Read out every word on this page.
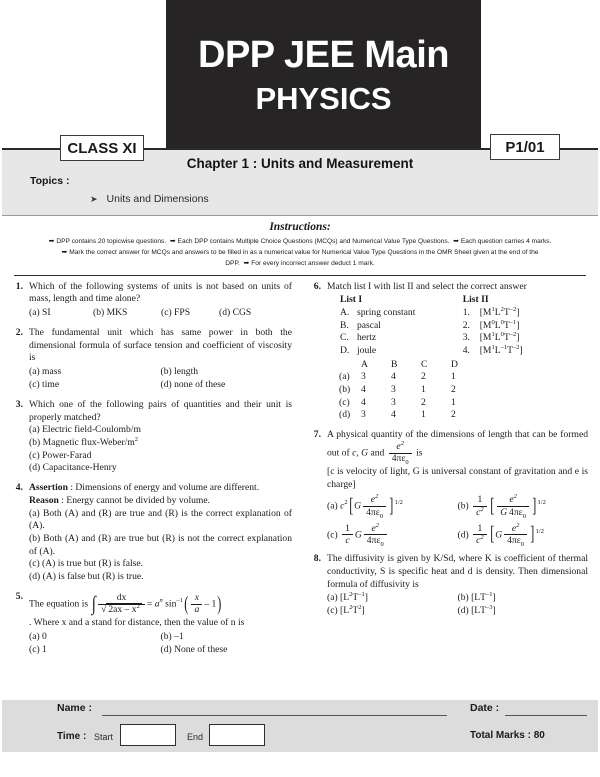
DPP JEE Main
PHYSICS
CLASS XI	P1/01
Chapter 1 : Units and Measurement
Topics :
➤ Units and Dimensions
Instructions:
➥ DPP contains 20 topicwise questions. ➥ Each DPP contains Multiple Choice Questions (MCQs) and Numerical Value Type Questions. ➥ Each question carries 4 marks.
➥ Mark the correct answer for MCQs and answers to be filled in as a numerical value for Numerical Value Type Questions in the OMR Sheet given at the end of the DPP. ➥ For every incorrect answer deduct 1 mark.
1. Which of the following systems of units is not based on units of mass, length and time alone?
(a) SI	(b) MKS	(c) FPS	(d) CGS
2. The fundamental unit which has same power in both the dimensional formula of surface tension and coefficient of viscosity is
(a) mass	(b) length
(c) time	(d) none of these
3. Which one of the following pairs of quantities and their unit is properly matched?
(a) Electric field-Coulomb/m
(b) Magnetic flux-$Weber/m^2$
(c) Power-Farad
(d) Capacitance-Henry
4. Assertion : Dimensions of energy and volume are different.
Reason : Energy cannot be divided by volume.
(a) Both (A) and (R) are true and (R) is the correct explanation of (A).
(b) Both (A) and (R) are true but (R) is not the correct explanation of (A).
(c) (A) is true but (R) is false.
(d) (A) is false but (R) is true.
5.
The equation is ∫ $\frac{dx}{√ 2ax - x^2} = a^n$ $\sin^{-1}( \frac{x}{a} - 1)$
. Where x and a stand for distance, then the value of n is
(a) 0	(b) –1
(c) 1	(d) None of these
6. Match list I with list II and select the correct answer
List I	List II
A. spring constant	1. $[M^1L^2T^{-2}]$
B. pascal	2. $[M^0L^0T^{-1}]$
C. hertz	3. $[M^1L^0T^{-2}]$
D. joule	4. $[M^1L^{-1}T^{-2}]$
A	B	C	D
(a)	3	4	2	1
(b)	4	3	1	2
(c)	4	3	2	1
(d)	3	4	1	2
7. A physical quantity of the dimensions of length that can be formed out of c, G and $\frac{e^2}{4\pi\varepsilon_0}$ is
[c is velocity of light, G is universal constant of gravitation and e is charge]
(a) $c^2[G \frac{e^2}{4\pi\varepsilon_0} ]^{1/2}$	$(b) \frac{1}{c^2}$ [ $\frac{e^2}{G 4\pi\varepsilon_0} ]^{1/2}$
$(c) \frac{1}{c}$ G $\frac{e^2}{4\pi\varepsilon_0}$	$(d) \frac{1}{c^2} [G \frac{e^2}{4\pi\varepsilon_0} ]^{1/2}$
8. The diffusivity is given by K/Sd, where K is coefficient of thermal conductivity, S is specific heat and d is density. Then dimensional formula of diffusivity is
(a) $[L^2T^{-1}]$	(b) $[LT^{-1}]$
(c) $[L^2T^2]$	(d) $[LT^{-3}]$
Name :	Date :
Time : Start	End	Total Marks : 80
